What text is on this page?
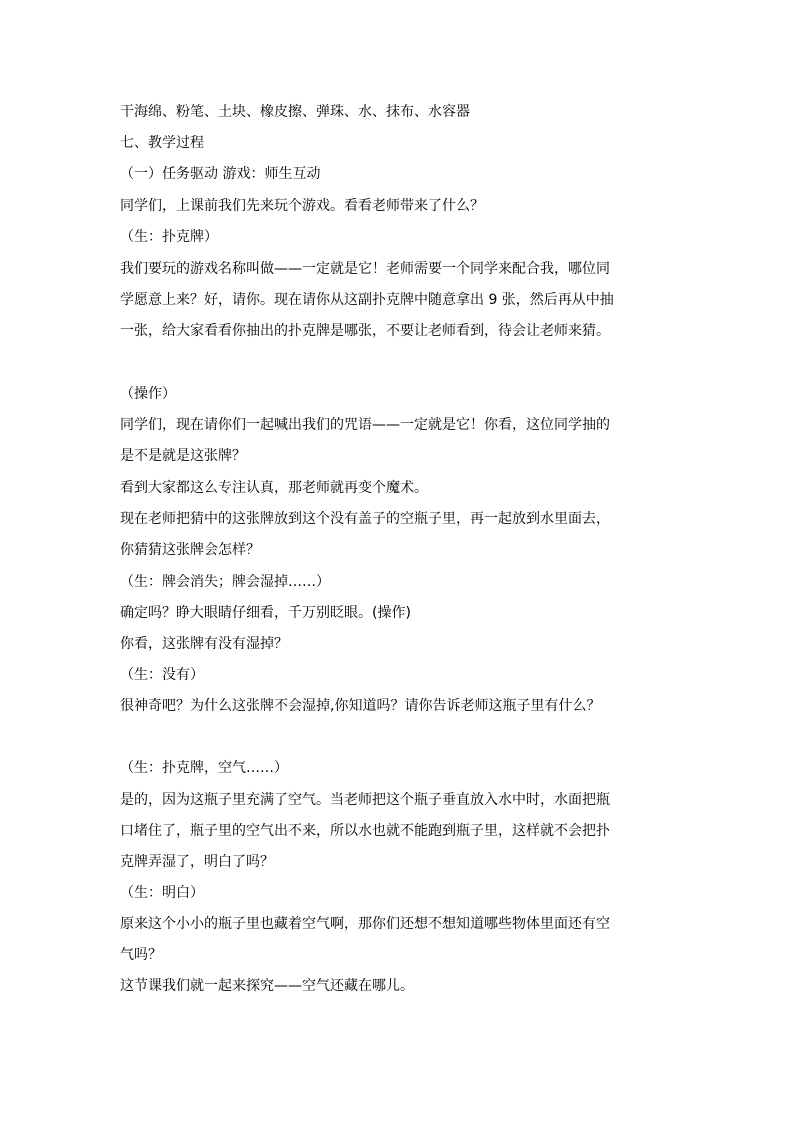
干海绵、粉笔、土块、橡皮擦、弹珠、水、抹布、水容器
七、教学过程
（一）任务驱动 游戏：师生互动
同学们，上课前我们先来玩个游戏。看看老师带来了什么？
（生：扑克牌）
我们要玩的游戏名称叫做——一定就是它！老师需要一个同学来配合我，哪位同
学愿意上来？好，请你。现在请你从这副扑克牌中随意拿出 9 张，然后再从中抽
一张，给大家看看你抽出的扑克牌是哪张，不要让老师看到，待会让老师来猜。
（操作）
同学们，现在请你们一起喊出我们的咒语——一定就是它！你看，这位同学抽的
是不是就是这张牌？
看到大家都这么专注认真，那老师就再变个魔术。
现在老师把猜中的这张牌放到这个没有盖子的空瓶子里，再一起放到水里面去，
你猜猜这张牌会怎样？
（生：牌会消失；牌会湿掉……）
确定吗？睁大眼睛仔细看，千万别眨眼。(操作)
你看，这张牌有没有湿掉？
（生：没有）
很神奇吧？为什么这张牌不会湿掉,你知道吗？请你告诉老师这瓶子里有什么？
（生：扑克牌，空气……）
是的，因为这瓶子里充满了空气。当老师把这个瓶子垂直放入水中时，水面把瓶
口堵住了，瓶子里的空气出不来，所以水也就不能跑到瓶子里，这样就不会把扑
克牌弄湿了，明白了吗？
（生：明白）
原来这个小小的瓶子里也藏着空气啊，那你们还想不想知道哪些物体里面还有空
气吗？
这节课我们就一起来探究——空气还藏在哪儿。
